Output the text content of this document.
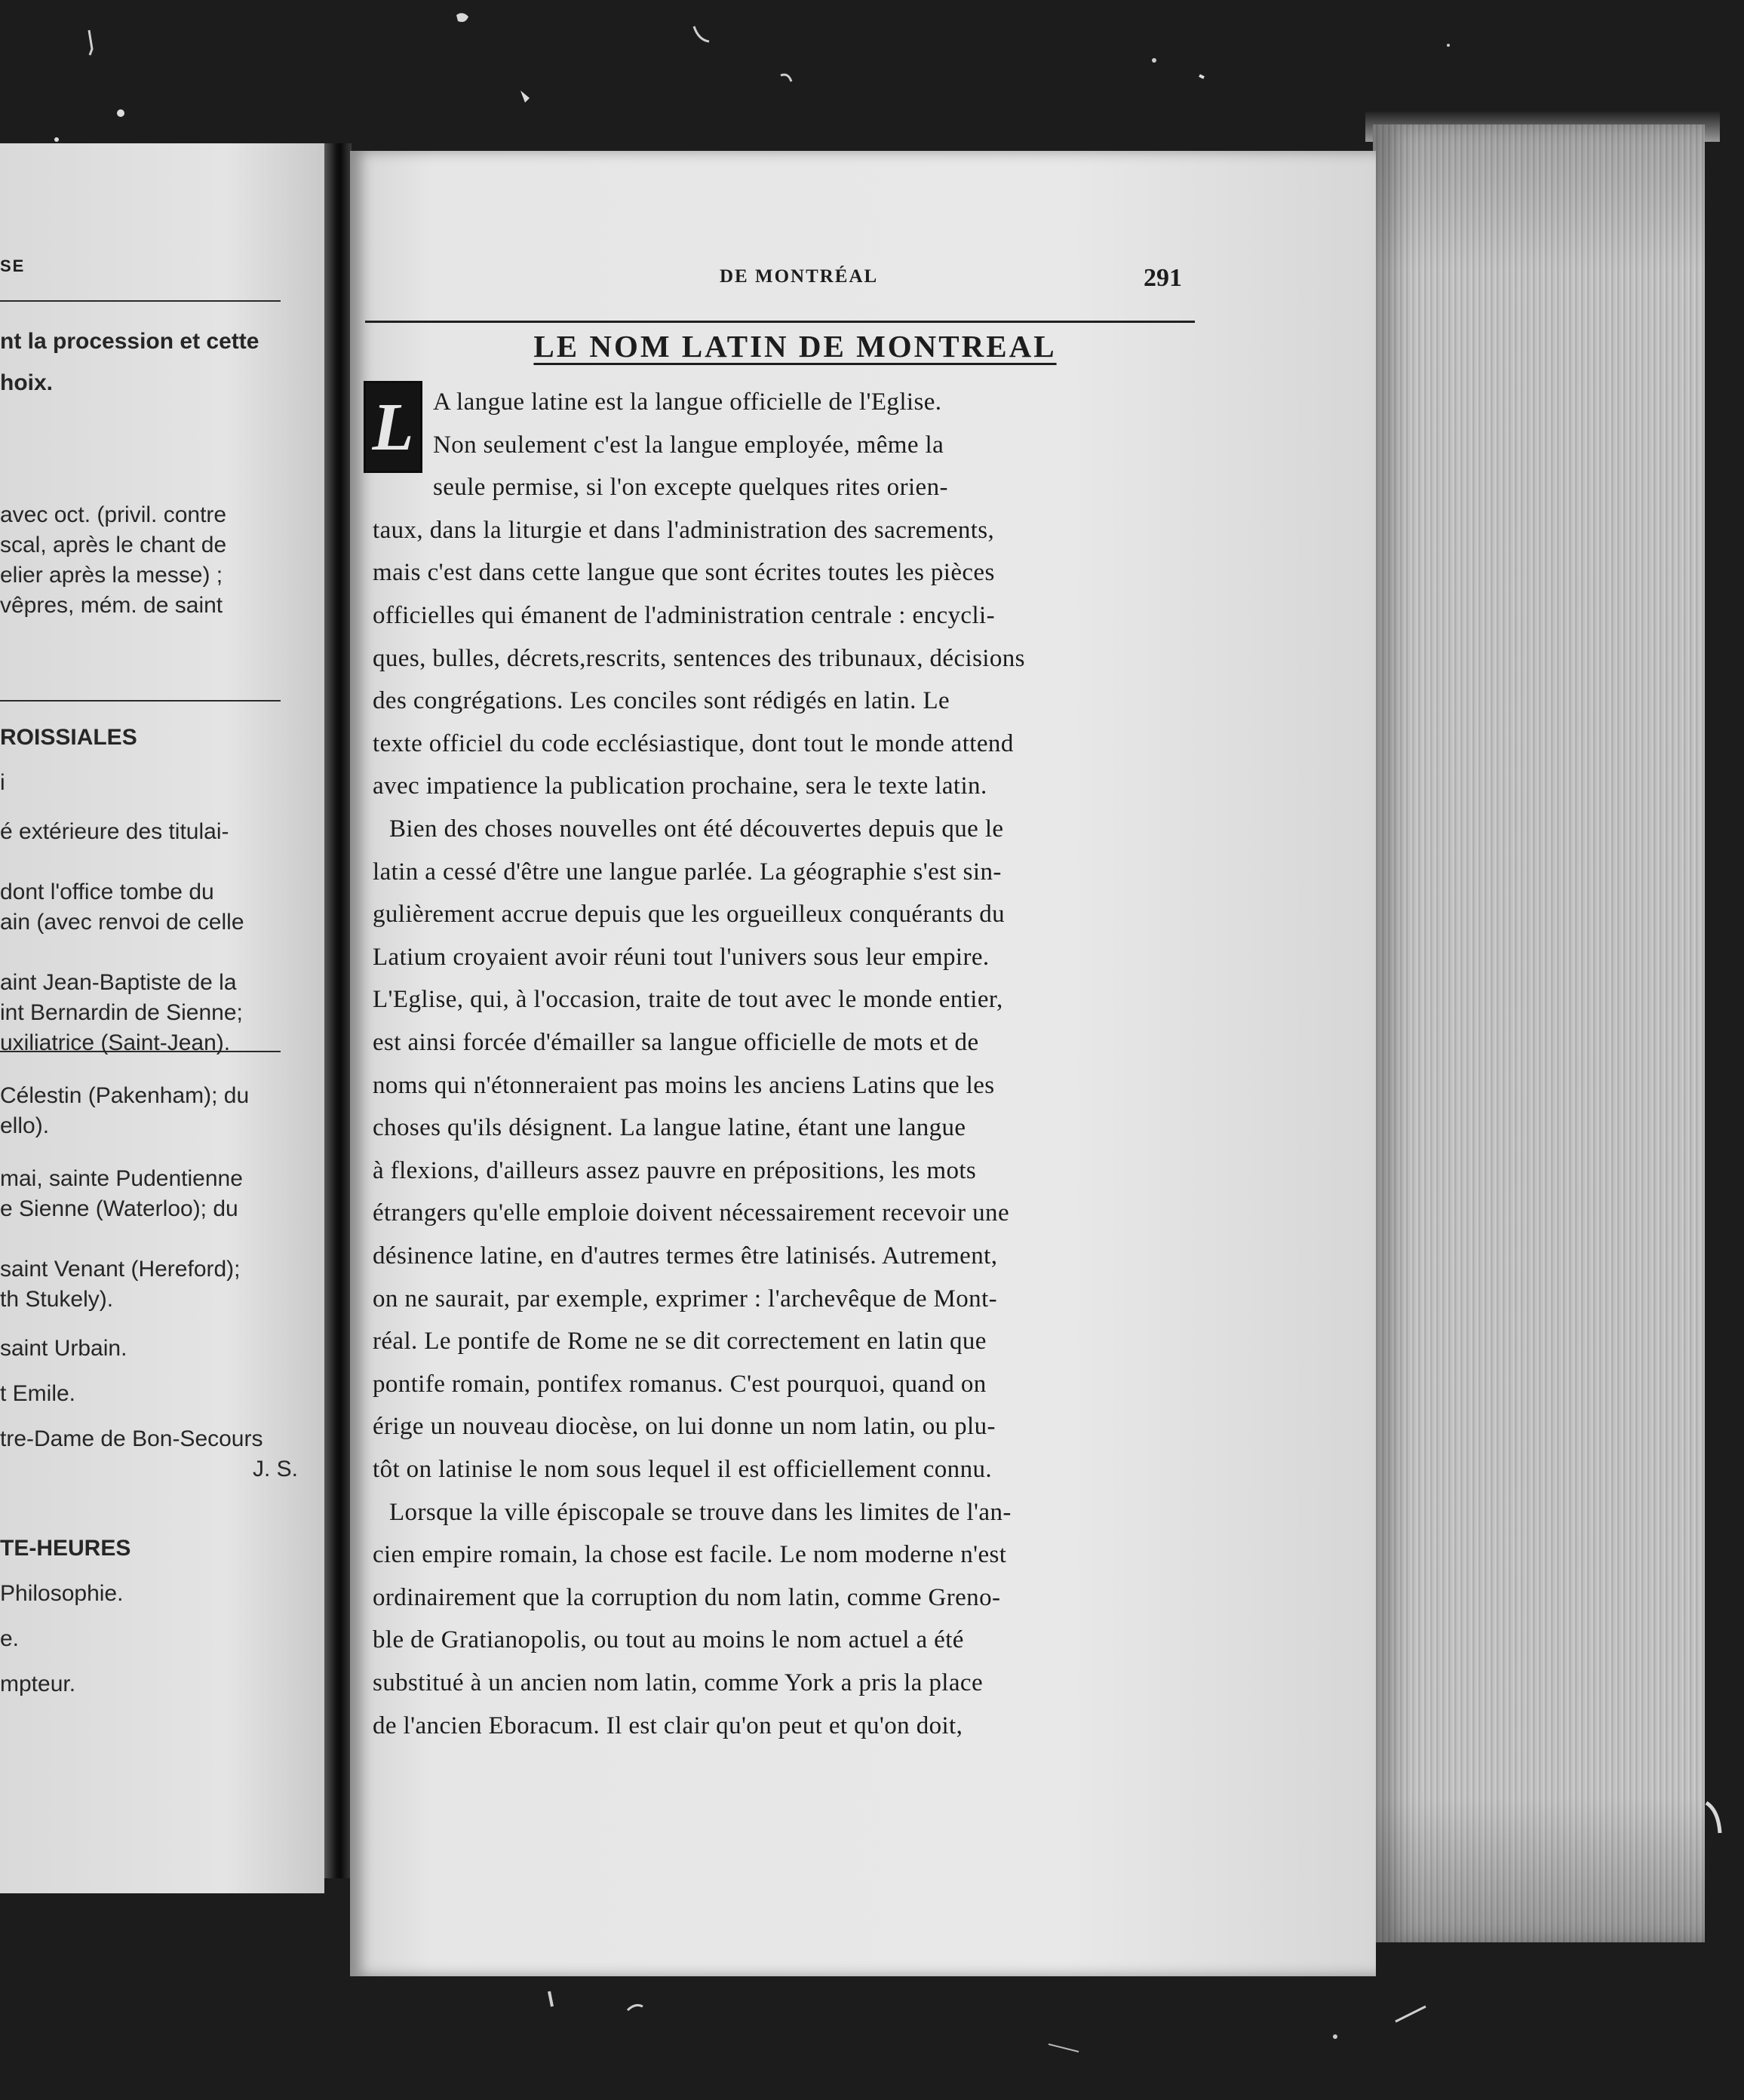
SE
nt la procession et cette
hoix.
avec oct. (privil. contre
scal, après le chant de
elier après la messe) ;
vêpres, mém. de saint
ROISSIALES
i
é extérieure des titulai-
dont l'office tombe du
ain (avec renvoi de celle
aint Jean-Baptiste de la
int Bernardin de Sienne;
uxiliatrice (Saint-Jean).
Célestin (Pakenham); du
ello).
mai, sainte Pudentienne
e Sienne (Waterloo); du
saint Venant (Hereford);
th Stukely).
saint Urbain.
t Emile.
tre-Dame de Bon-Secours
J. S.
TE-HEURES
Philosophie.
e.
mpteur.
DE MONTRÉAL	291
LE NOM LATIN DE MONTREAL
L A langue latine est la langue officielle de l'Eglise.
Non seulement c'est la langue employée, même la
seule permise, si l'on excepte quelques rites orien-
taux, dans la liturgie et dans l'administration des sacrements,
mais c'est dans cette langue que sont écrites toutes les pièces
officielles qui émanent de l'administration centrale : encycli-
ques, bulles, décrets,rescrits, sentences des tribunaux, décisions
des congrégations. Les conciles sont rédigés en latin. Le
texte officiel du code ecclésiastique, dont tout le monde attend
avec impatience la publication prochaine, sera le texte latin.
Bien des choses nouvelles ont été découvertes depuis que le
latin a cessé d'être une langue parlée. La géographie s'est sin-
gulièrement accrue depuis que les orgueilleux conquérants du
Latium croyaient avoir réuni tout l'univers sous leur empire.
L'Eglise, qui, à l'occasion, traite de tout avec le monde entier,
est ainsi forcée d'émailler sa langue officielle de mots et de
noms qui n'étonneraient pas moins les anciens Latins que les
choses qu'ils désignent. La langue latine, étant une langue
à flexions, d'ailleurs assez pauvre en prépositions, les mots
étrangers qu'elle emploie doivent nécessairement recevoir une
désinence latine, en d'autres termes être latinisés. Autrement,
on ne saurait, par exemple, exprimer : l'archevêque de Mont-
réal. Le pontife de Rome ne se dit correctement en latin que
pontife romain, pontifex romanus. C'est pourquoi, quand on
érige un nouveau diocèse, on lui donne un nom latin, ou plu-
tôt on latinise le nom sous lequel il est officiellement connu.
Lorsque la ville épiscopale se trouve dans les limites de l'an-
cien empire romain, la chose est facile. Le nom moderne n'est
ordinairement que la corruption du nom latin, comme Greno-
ble de Gratianopolis, ou tout au moins le nom actuel a été
substitué à un ancien nom latin, comme York a pris la place
de l'ancien Eboracum. Il est clair qu'on peut et qu'on doit,
